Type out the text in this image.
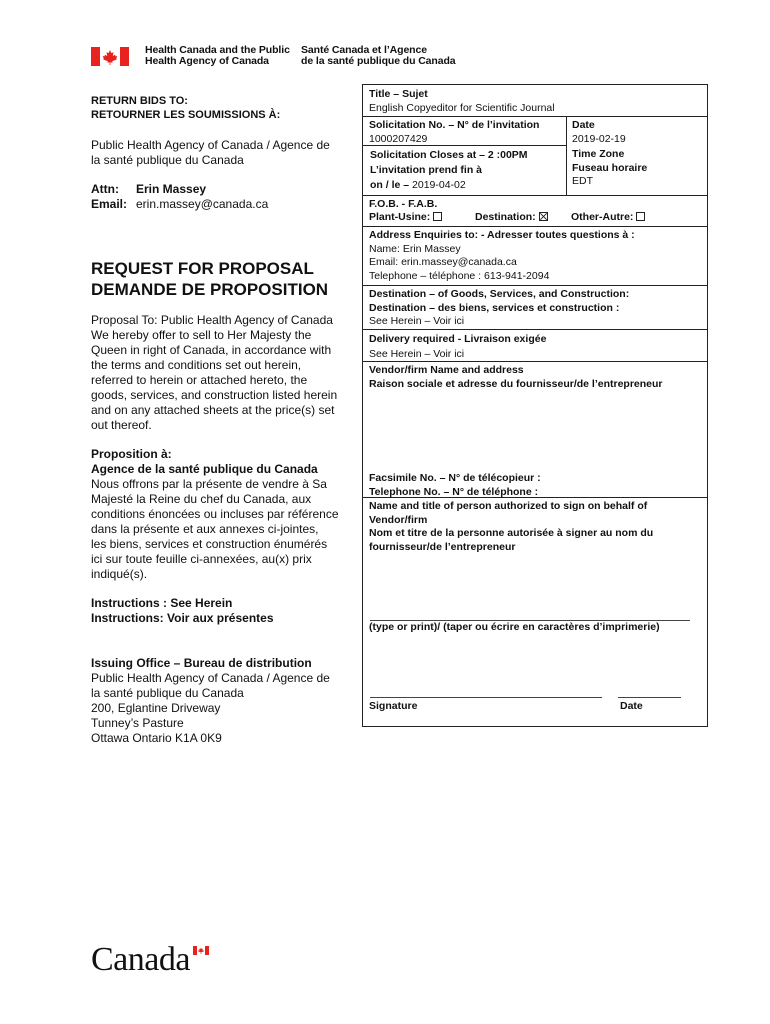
Health Canada and the Public
Health Agency of Canada
Santé Canada et l’Agence
de la santé publique du Canada
RETURN BIDS TO:
RETOURNER LES SOUMISSIONS À:
Public Health Agency of Canada / Agence de
la santé publique du Canada
Attn: Erin Massey
Email: erin.massey@canada.ca
REQUEST FOR PROPOSAL
DEMANDE DE PROPOSITION
Proposal To: Public Health Agency of Canada
We hereby offer to sell to Her Majesty the
Queen in right of Canada, in accordance with
the terms and conditions set out herein,
referred to herein or attached hereto, the
goods, services, and construction listed herein
and on any attached sheets at the price(s) set
out thereof.
Proposition à:
Agence de la santé publique du Canada
Nous offrons par la présente de vendre à Sa
Majesté la Reine du chef du Canada, aux
conditions énoncées ou incluses par référence
dans la présente et aux annexes ci-jointes,
les biens, services et construction énumérés
ici sur toute feuille ci-annexées, au(x) prix
indiqué(s).
Instructions : See Herein
Instructions: Voir aux présentes
Issuing Office – Bureau de distribution
Public Health Agency of Canada / Agence de
la santé publique du Canada
200, Eglantine Driveway
Tunney’s Pasture
Ottawa Ontario K1A 0K9
Title – Sujet
English Copyeditor for Scientific Journal
Solicitation No. – N° de l’invitation
1000207429
Date
2019-02-19
Solicitation Closes at – 2 :00PM
L’invitation prend fin à
on / le – 2019-04-02
Time Zone
Fuseau horaire
EDT
F.O.B. - F.A.B.
Plant-Usine:	Destination:	Other-Autre:
Address Enquiries to: - Adresser toutes questions à :
Name: Erin Massey
Email: erin.massey@canada.ca
Telephone – téléphone : 613-941-2094
Destination – of Goods, Services, and Construction:
Destination – des biens, services et construction :
See Herein – Voir ici
Delivery required - Livraison exigée
See Herein – Voir ici
Vendor/firm Name and address
Raison sociale et adresse du fournisseur/de l’entrepreneur
Facsimile No. – N° de télécopieur :
Telephone No. – N° de téléphone :
Name and title of person authorized to sign on behalf of
Vendor/firm
Nom et titre de la personne autorisée à signer au nom du
fournisseur/de l’entrepreneur
(type or print)/ (taper ou écrire en caractères d’imprimerie)
Signature	Date
Canada
